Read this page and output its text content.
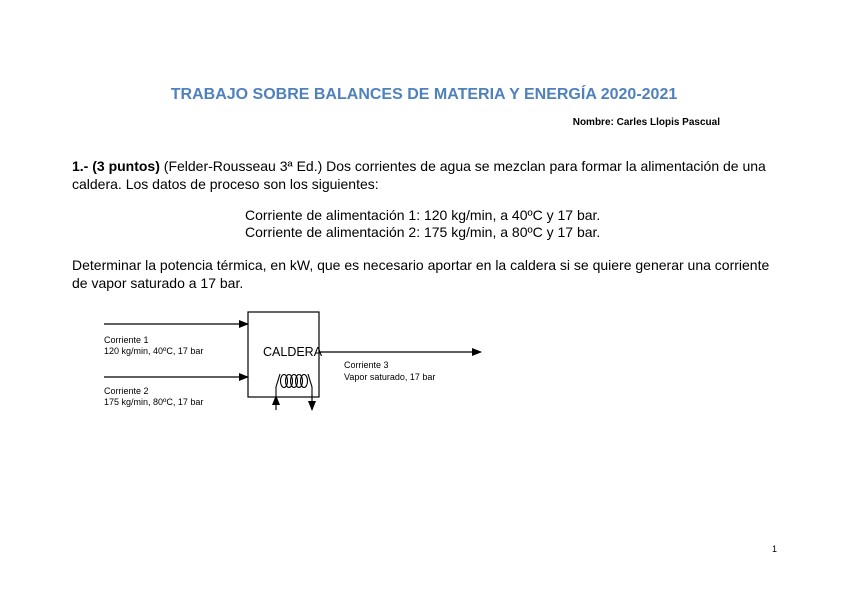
TRABAJO SOBRE BALANCES DE MATERIA Y ENERGÍA 2020-2021
Nombre: Carles Llopis Pascual
1.- (3 puntos) (Felder-Rousseau 3ª Ed.) Dos corrientes de agua se mezclan para formar la alimentación de una caldera. Los datos de proceso son los siguientes:
Corriente de alimentación 1: 120 kg/min, a 40ºC y 17 bar.
Corriente de alimentación 2: 175 kg/min, a 80ºC y 17 bar.
Determinar la potencia térmica, en kW, que es necesario aportar en la caldera si se quiere generar una corriente de vapor saturado a 17 bar.
CALDERA
Corriente 1
120 kg/min, 40ºC, 17 bar
Corriente 2
175 kg/min, 80ºC, 17 bar
Corriente 3
Vapor saturado, 17 bar
1
